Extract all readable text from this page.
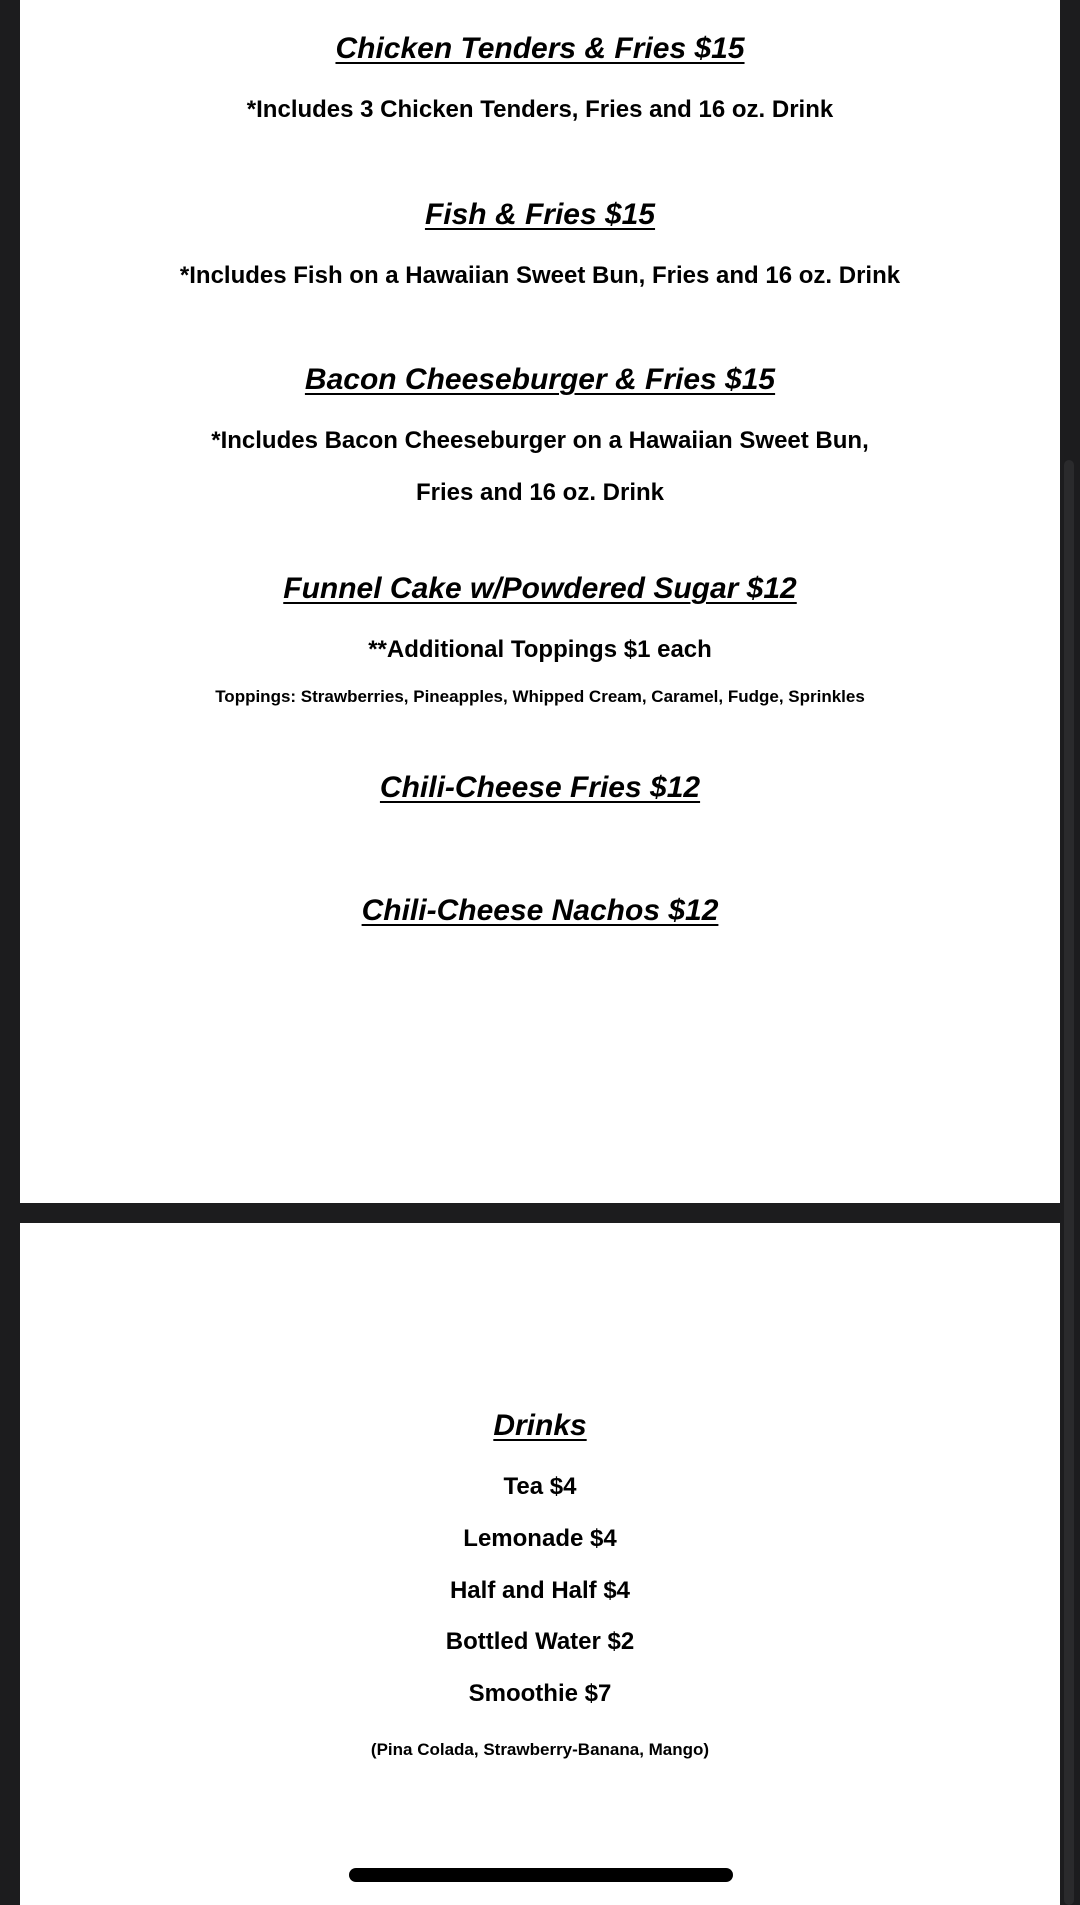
Chicken Tenders & Fries $15
*Includes 3 Chicken Tenders, Fries and 16 oz. Drink
Fish & Fries $15
*Includes Fish on a Hawaiian Sweet Bun, Fries and 16 oz. Drink
Bacon Cheeseburger & Fries $15
*Includes Bacon Cheeseburger on a Hawaiian Sweet Bun,
Fries and 16 oz. Drink
Funnel Cake w/Powdered Sugar $12
**Additional Toppings $1 each
Toppings: Strawberries, Pineapples, Whipped Cream, Caramel, Fudge, Sprinkles
Chili-Cheese Fries $12
Chili-Cheese Nachos $12
Drinks
Tea $4
Lemonade $4
Half and Half $4
Bottled Water $2
Smoothie $7
(Pina Colada, Strawberry-Banana, Mango)
